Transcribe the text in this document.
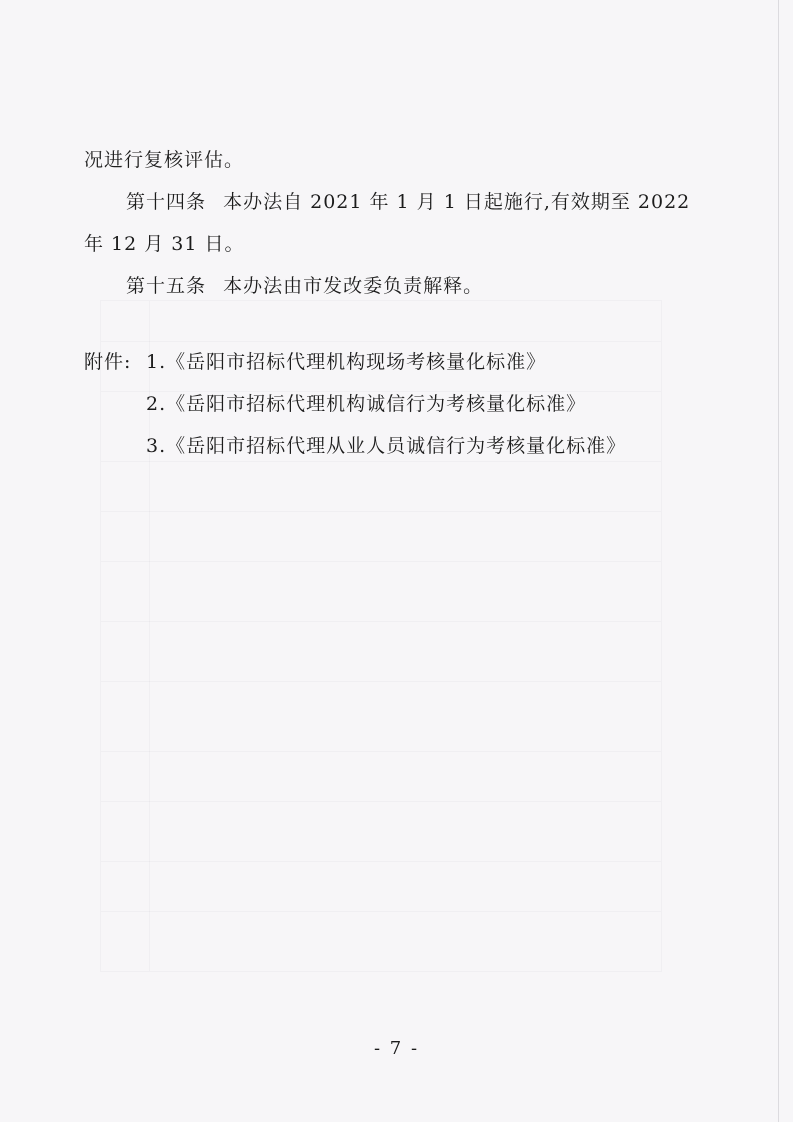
况进行复核评估。
第十四条 本办法自 2021 年 1 月 1 日起施行,有效期至 2022
年 12 月 31 日。
第十五条 本办法由市发改委负责解释。
附件: 1.《岳阳市招标代理机构现场考核量化标准》
2.《岳阳市招标代理机构诚信行为考核量化标准》
3.《岳阳市招标代理从业人员诚信行为考核量化标准》
- 7 -
